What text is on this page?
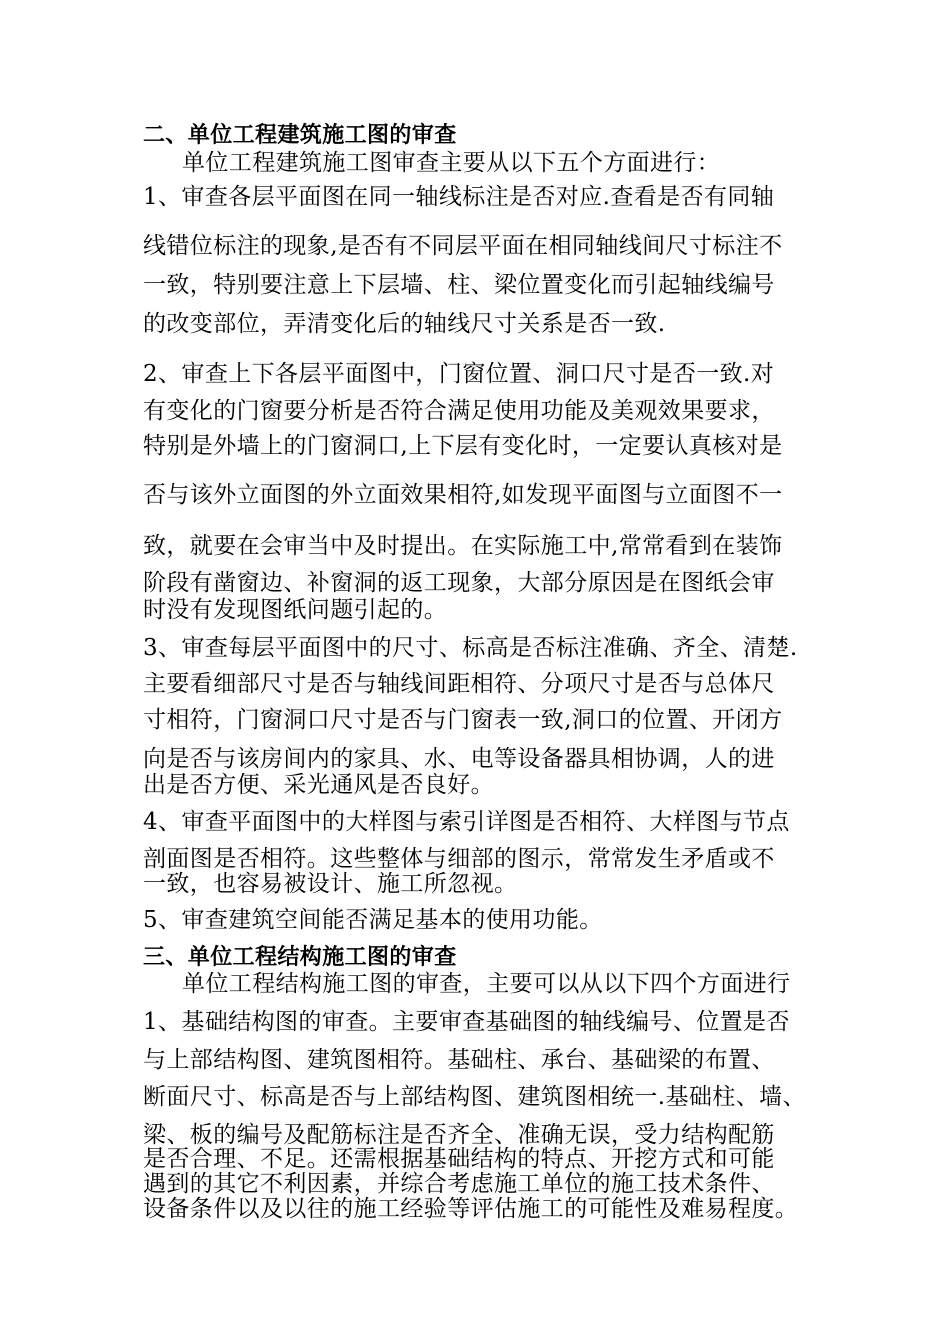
二、单位工程建筑施工图的审查
单位工程建筑施工图审查主要从以下五个方面进行：
1、审查各层平面图在同一轴线标注是否对应.查看是否有同轴
线错位标注的现象,是否有不同层平面在相同轴线间尺寸标注不
一致，特别要注意上下层墙、柱、梁位置变化而引起轴线编号
的改变部位，弄清变化后的轴线尺寸关系是否一致.
2、审查上下各层平面图中，门窗位置、洞口尺寸是否一致.对
有变化的门窗要分析是否符合满足使用功能及美观效果要求，
特别是外墙上的门窗洞口,上下层有变化时，一定要认真核对是
否与该外立面图的外立面效果相符,如发现平面图与立面图不一
致，就要在会审当中及时提出。在实际施工中,常常看到在装饰
阶段有凿窗边、补窗洞的返工现象，大部分原因是在图纸会审
时没有发现图纸问题引起的。
3、审查每层平面图中的尺寸、标高是否标注准确、齐全、清楚.
主要看细部尺寸是否与轴线间距相符、分项尺寸是否与总体尺
寸相符，门窗洞口尺寸是否与门窗表一致,洞口的位置、开闭方
向是否与该房间内的家具、水、电等设备器具相协调，人的进
出是否方便、采光通风是否良好。
4、审查平面图中的大样图与索引详图是否相符、大样图与节点
剖面图是否相符。这些整体与细部的图示，常常发生矛盾或不
一致，也容易被设计、施工所忽视。
5、审查建筑空间能否满足基本的使用功能。
三、单位工程结构施工图的审查
单位工程结构施工图的审查，主要可以从以下四个方面进行
1、基础结构图的审查。主要审查基础图的轴线编号、位置是否
与上部结构图、建筑图相符。基础柱、承台、基础梁的布置、
断面尺寸、标高是否与上部结构图、建筑图相统一.基础柱、墙、
梁、板的编号及配筋标注是否齐全、准确无误，受力结构配筋
是否合理、不足。还需根据基础结构的特点、开挖方式和可能
遇到的其它不利因素，并综合考虑施工单位的施工技术条件、
设备条件以及以往的施工经验等评估施工的可能性及难易程度。
